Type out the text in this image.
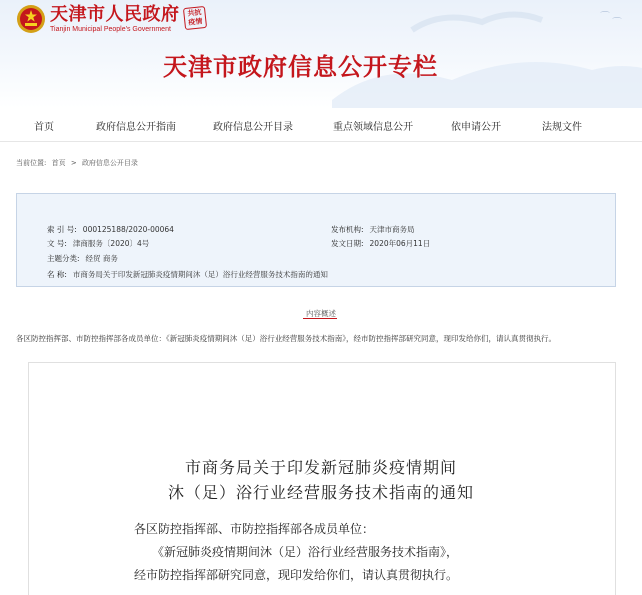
⌒
⌒
天津市人民政府
Tianjin Municipal People's Government
共抗疫情
天津市政府信息公开专栏
首页	政府信息公开指南	政府信息公开目录	重点领域信息公开	依申请公开	法规文件
当前位置: 首页 > 政府信息公开目录
索 引 号: 000125188/2020-00064	发布机构: 天津市商务局
文 号: 津商服务〔2020〕4号	发文日期: 2020年06月11日
主题分类: 经贸 商务
名 称: 市商务局关于印发新冠肺炎疫情期间沐（足）浴行业经营服务技术指南的通知
内容概述
各区防控指挥部、市防控指挥部各成员单位：《新冠肺炎疫情期间沐（足）浴行业经营服务技术指南》，经市防控指挥部研究同意，现印发给你们，请认真贯彻执行。
市商务局关于印发新冠肺炎疫情期间
沐（足）浴行业经营服务技术指南的通知
各区防控指挥部、市防控指挥部各成员单位：
《新冠肺炎疫情期间沐（足）浴行业经营服务技术指南》，
经市防控指挥部研究同意，现印发给你们，请认真贯彻执行。
